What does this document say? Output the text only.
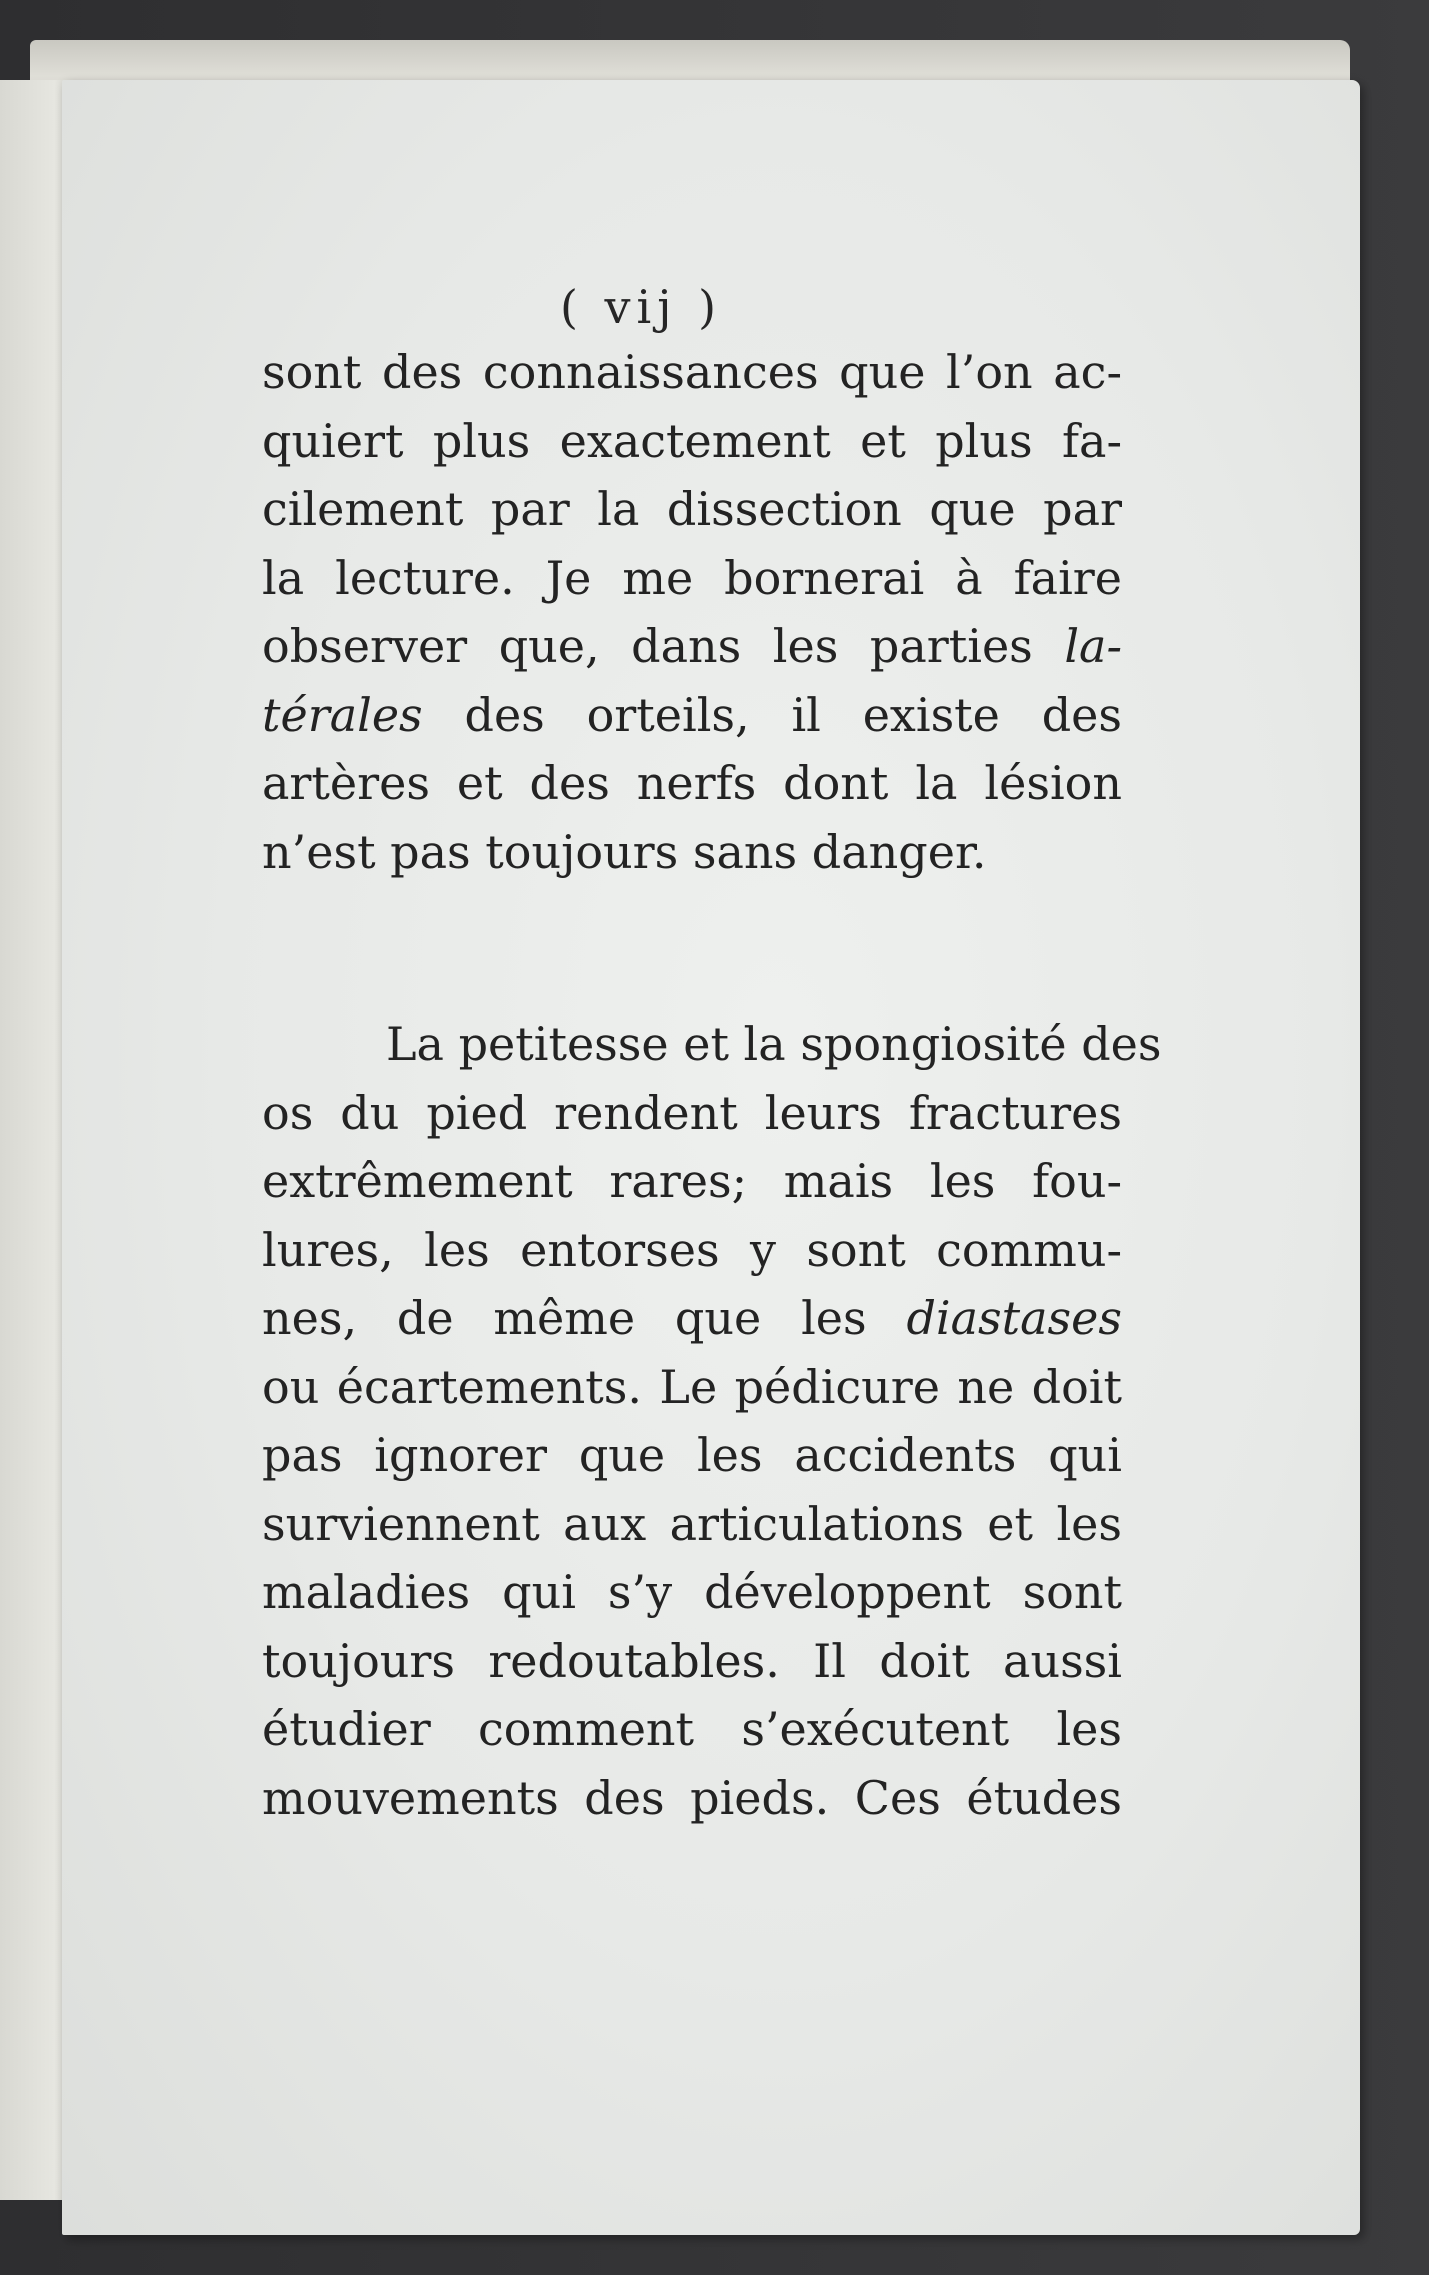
( vij )
sont des connaissances que l’on ac-
quiert plus exactement et plus fa-
cilement par la dissection que par
la lecture. Je me bornerai à faire
observer que, dans les parties la-
térales des orteils, il existe des
artères et des nerfs dont la lésion
n’est pas toujours sans danger.
La petitesse et la spongiosité des
os du pied rendent leurs fractures
extrêmement rares; mais les fou-
lures, les entorses y sont commu-
nes, de même que les diastases
ou écartements. Le pédicure ne doit
pas ignorer que les accidents qui
surviennent aux articulations et les
maladies qui s’y développent sont
toujours redoutables. Il doit aussi
étudier comment s’exécutent les
mouvements des pieds. Ces études
